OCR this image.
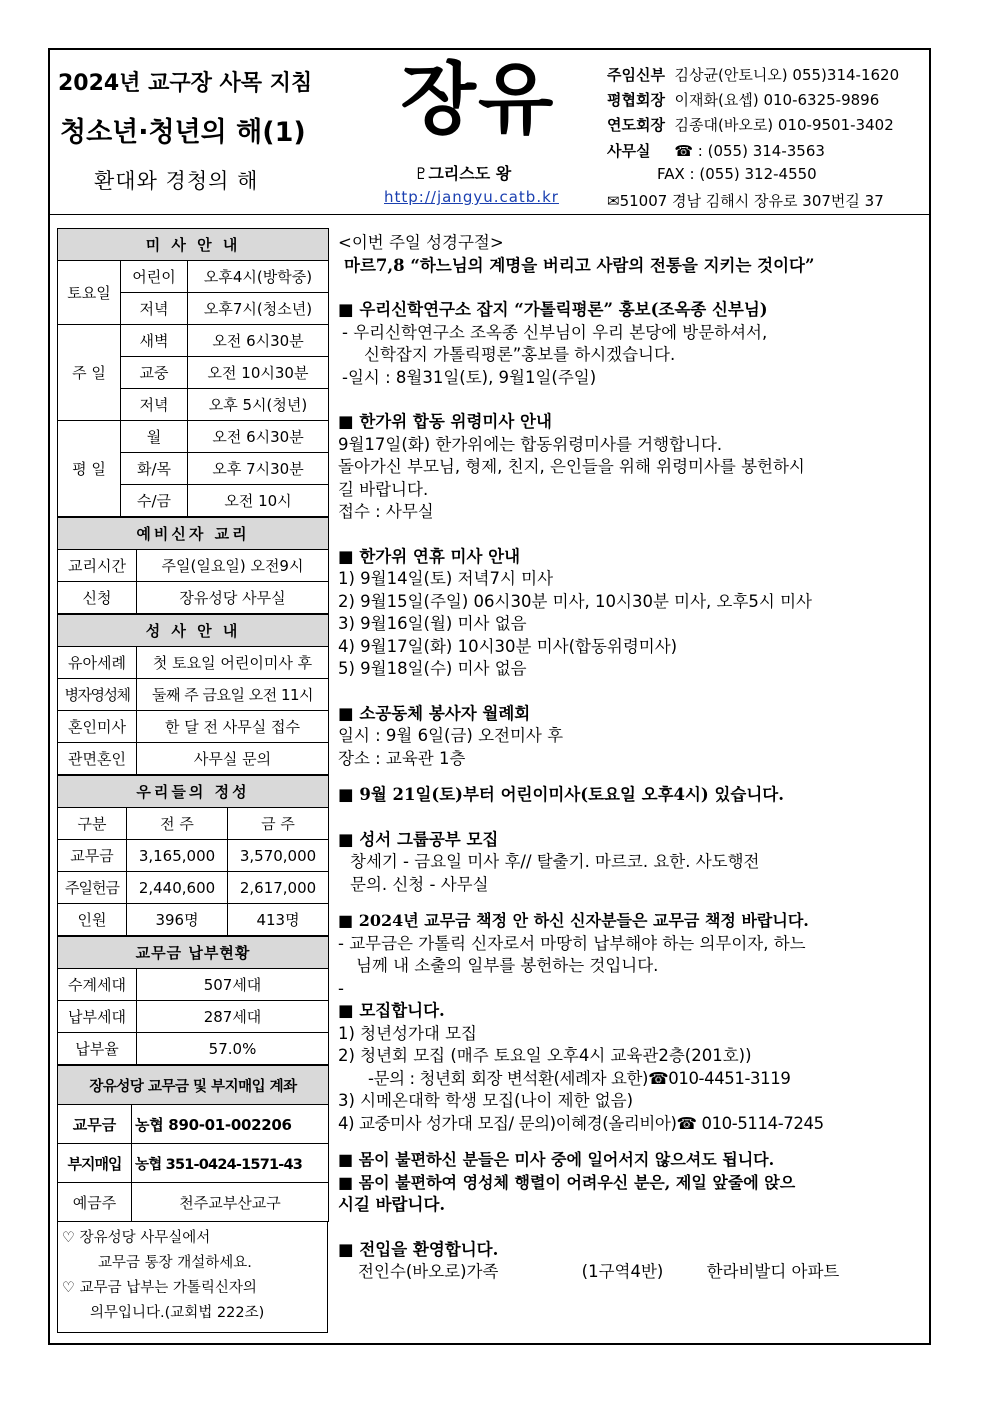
2024년 교구장 사목 지침
청소년·청년의 해(1)
환대와 경청의 해
장유
♇그리스도 왕
http://jangyu.catb.kr
주임신부 김상균(안토니오) 055)314-1620
평협회장 이재화(요셉) 010-6325-9896
연도회장 김종대(바오로) 010-9501-3402
사무실 ☎ : (055) 314-3563
FAX : (055) 312-4550
✉51007 경남 김해시 장유로 307번길 37
미 사 안 내		
토요일	어린이	오후4시(방학중)
	저녁	오후7시(청소년)
주 일	새벽	오전 6시30분
	교중	오전 10시30분
	저녁	오후 5시(청년)
평 일	월	오전 6시30분
	화/목	오후 7시30분
	수/금	오전 10시
예비신자 교리	
교리시간	주일(일요일) 오전9시
신청	장유성당 사무실
성 사 안 내	
유아세례	첫 토요일 어린이미사 후
병자영성체	둘째 주 금요일 오전 11시
혼인미사	한 달 전 사무실 접수
관면혼인	사무실 문의
우리들의 정성		
구분	전 주	금 주
교무금	3,165,000	3,570,000
주일헌금	2,440,600	2,617,000
인원	396명	413명
교무금 납부현황	
수계세대	507세대
납부세대	287세대
납부율	57.0%
장유성당 교무금 및 부지매입 계좌	
교무금	농협 890-01-002206
부지매입	농협 351-0424-1571-43
예금주	천주교부산교구
♡ 장유성당 사무실에서
교무금 통장 개설하세요.
♡ 교무금 납부는 가톨릭신자의
의무입니다.(교회법 222조)
<이번 주일 성경구절>
마르7,8 “하느님의 계명을 버리고 사람의 전통을 지키는 것이다”
■ 우리신학연구소 잡지 “가톨릭평론” 홍보(조옥종 신부님)
- 우리신학연구소 조옥종 신부님이 우리 본당에 방문하셔서,
신학잡지 가톨릭평론”홍보를 하시겠습니다.
-일시 : 8월31일(토), 9월1일(주일)
■ 한가위 합동 위령미사 안내
9월17일(화) 한가위에는 합동위령미사를 거행합니다.
돌아가신 부모님, 형제, 친지, 은인들을 위해 위령미사를 봉헌하시
길 바랍니다.
접수 : 사무실
■ 한가위 연휴 미사 안내
1) 9월14일(토) 저녁7시 미사
2) 9월15일(주일) 06시30분 미사, 10시30분 미사, 오후5시 미사
3) 9월16일(월) 미사 없음
4) 9월17일(화) 10시30분 미사(합동위령미사)
5) 9월18일(수) 미사 없음
■ 소공동체 봉사자 월례회
일시 : 9월 6일(금) 오전미사 후
장소 : 교육관 1층
■ 9월 21일(토)부터 어린이미사(토요일 오후4시) 있습니다.
■ 성서 그룹공부 모집
창세기 - 금요일 미사 후// 탈출기. 마르코. 요한. 사도행전
문의. 신청 - 사무실
■ 2024년 교무금 책정 안 하신 신자분들은 교무금 책정 바랍니다.
- 교무금은 가톨릭 신자로서 마땅히 납부해야 하는 의무이자, 하느
님께 내 소출의 일부를 봉헌하는 것입니다.
-
■ 모집합니다.
1) 청년성가대 모집
2) 청년회 모집 (매주 토요일 오후4시 교육관2층(201호))
-문의 : 청년회 회장 변석환(세례자 요한)☎010-4451-3119
3) 시메온대학 학생 모집(나이 제한 없음)
4) 교중미사 성가대 모집/ 문의)이혜경(올리비아)☎ 010-5114-7245
■ 몸이 불편하신 분들은 미사 중에 일어서지 않으셔도 됩니다.
■ 몸이 불편하여 영성체 행렬이 어려우신 분은, 제일 앞줄에 앉으
시길 바랍니다.
■ 전입을 환영합니다.
전인수(바오로)가족	(1구역4반)	한라비발디 아파트
